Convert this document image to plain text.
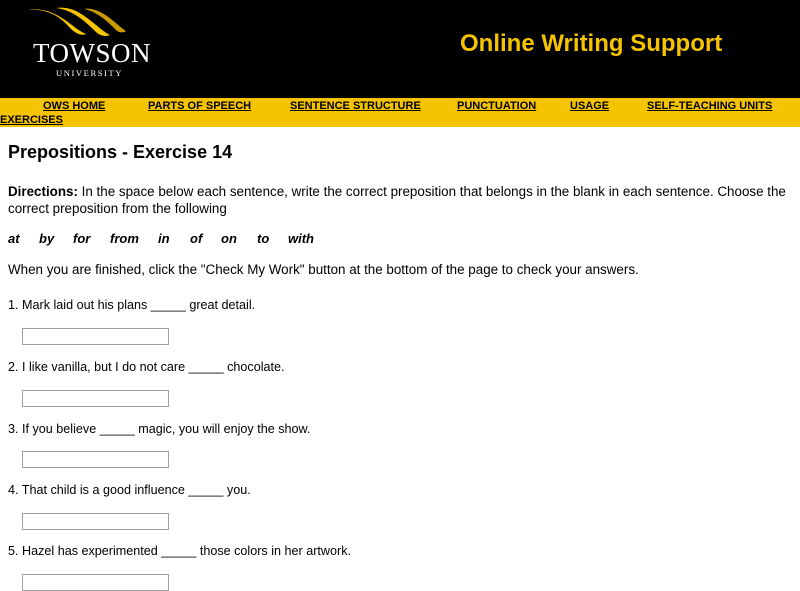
TOWSON
UNIVERSITY
Online Writing Support
OWS HOME	PARTS OF SPEECH	SENTENCE STRUCTURE	PUNCTUATION	USAGE	SELF-TEACHING UNITS
EXERCISES
Prepositions - Exercise 14

Directions: In the space below each sentence, write the correct preposition that belongs in the blank in each sentence. Choose the correct preposition from the following

at by for from in of on to with

When you are finished, click the "Check My Work" button at the bottom of the page to check your answers.

1. Mark laid out his plans _____ great detail.
2. I like vanilla, but I do not care _____ chocolate.
3. If you believe _____ magic, you will enjoy the show.
4. That child is a good influence _____ you.
5. Hazel has experimented _____ those colors in her artwork.
